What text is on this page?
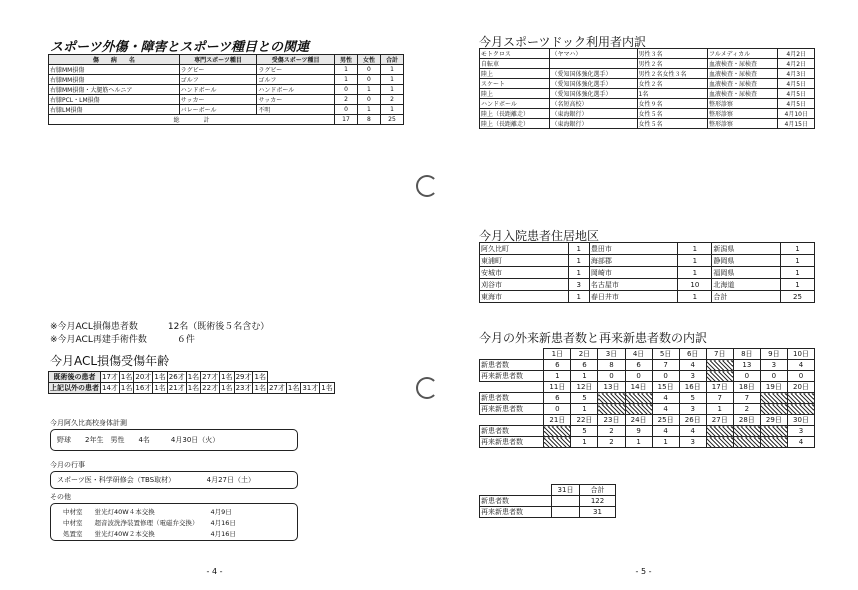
スポーツ外傷・障害とスポーツ種目との関連
傷　　病　　名	専門スポーツ種目	受傷スポーツ種目	男性	女性	合計
右膝MM損傷	ラグビー	ラグビー	1	0	1
右膝MM損傷	ゴルフ	ゴルフ	1	0	1
右膝MM損傷・大腿筋ヘルニア	ハンドボール	ハンドボール	0	1	1
右膝PCL・LM損傷	サッカー	サッカー	2	0	2
右膝LM損傷	バレーボール	不明	0	1	1
総　　　　計			17	8	25
※今月ACL損傷患者数	12名（既術後５名含む）
※今月ACL再建手術件数	６件
今月ACL損傷受傷年齢
既術後の患者	17才	1名	20才	1名	26才	1名	27才	1名	29才	1名				
上記以外の患者	14才	1名	16才	1名	21才	1名	22才	1名	23才	1名	27才	1名	31才	1名
今月阿久比高校身体計測
野球　　2年生　男性　　4名　　　4月30日（火）
今月の行事
スポーツ医・科学研修会（TBS取材）　　　　　4月27日（土）
その他
中材室	蛍光灯40W４本交換	4月9日
中材室	超音波洗浄装置修理（電磁弁交換）	4月16日
処置室	蛍光灯40W２本交換	4月16日
- 4 -
今月スポーツドック利用者内訳
モトクロス	（ヤマハ）	男性３名	フルメディカル	4月2日
自転車		男性２名	血液検査・尿検査	4月2日
陸上	（愛知国体強化選手）	男性２名女性３名	血液検査・尿検査	4月3日
スケート	（愛知国体強化選手）	女性２名	血液検査・尿検査	4月5日
陸上	（愛知国体強化選手）	1名	血液検査・尿検査	4月5日
ハンドボール	（名短高校）	女性９名	整形診察	4月5日
陸上（長距離走）	（東海銀行）	女性５名	整形診察	4月10日
陸上（長距離走）	（東海銀行）	女性５名	整形診察	4月15日
今月入院患者住居地区
阿久比町	1	豊田市	1	新潟県	1
東浦町	1	海部郡	1	静岡県	1
安城市	1	岡崎市	1	福岡県	1
刈谷市	3	名古屋市	10	北海道	1
東海市	1	春日井市	1	合計	25
今月の外来新患者数と再来新患者数の内訳
	1日	2日	3日	4日	5日	6日	7日	8日	9日	10日
新患者数	6	6	8	6	7	4		13	3	4
再来新患者数	1	1	0	0	0	3		0	0	0
	11日	12日	13日	14日	15日	16日	17日	18日	19日	20日
新患者数	6	5			4	5	7	7		
再来新患者数	0	1			4	3	1	2		
	21日	22日	23日	24日	25日	26日	27日	28日	29日	30日
新患者数		5	2	9	4	4				3
再来新患者数		1	2	1	1	3				4
	31日	合計
新患者数		122
再来新患者数		31
- 5 -
